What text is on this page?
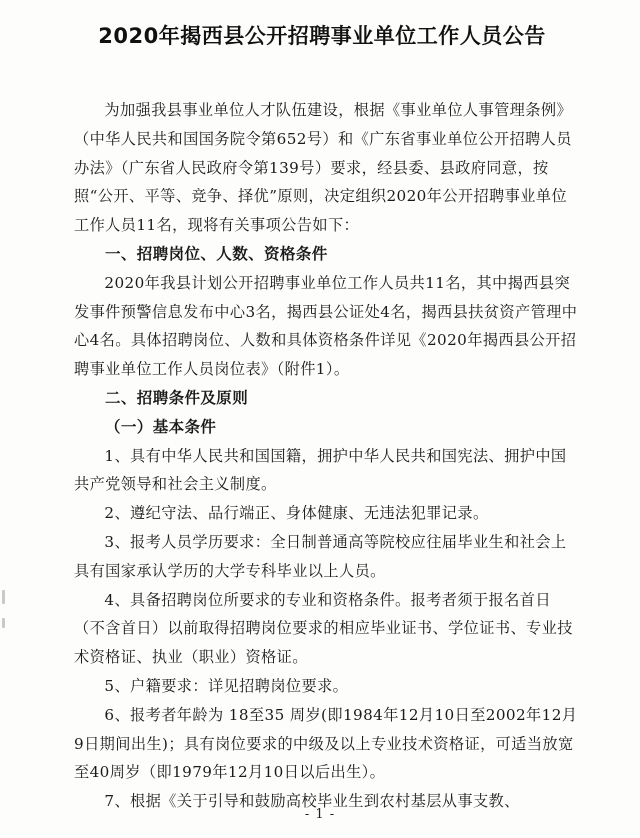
2020年揭西县公开招聘事业单位工作人员公告

为加强我县事业单位人才队伍建设，根据《事业单位人事管理条例》（中华人民共和国国务院令第652号）和《广东省事业单位公开招聘人员办法》（广东省人民政府令第139号）要求，经县委、县政府同意，按照“公开、平等、竞争、择优”原则，决定组织2020年公开招聘事业单位工作人员11名，现将有关事项公告如下：

一、招聘岗位、人数、资格条件

2020年我县计划公开招聘事业单位工作人员共11名，其中揭西县突发事件预警信息发布中心3名，揭西县公证处4名，揭西县扶贫资产管理中心4名。具体招聘岗位、人数和具体资格条件详见《2020年揭西县公开招聘事业单位工作人员岗位表》（附件1）。

二、招聘条件及原则

（一）基本条件

1、具有中华人民共和国国籍，拥护中华人民共和国宪法、拥护中国共产党领导和社会主义制度。

2、遵纪守法、品行端正、身体健康、无违法犯罪记录。

3、报考人员学历要求：全日制普通高等院校应往届毕业生和社会上具有国家承认学历的大学专科毕业以上人员。

4、具备招聘岗位所要求的专业和资格条件。报考者须于报名首日（不含首日）以前取得招聘岗位要求的相应毕业证书、学位证书、专业技术资格证、执业（职业）资格证。

5、户籍要求：详见招聘岗位要求。

6、报考者年龄为 18至35 周岁(即1984年12月10日至2002年12月9日期间出生)；具有岗位要求的中级及以上专业技术资格证，可适当放宽至40周岁（即1979年12月10日以后出生）。

7、根据《关于引导和鼓励高校毕业生到农村基层从事支教、

- 1 -
